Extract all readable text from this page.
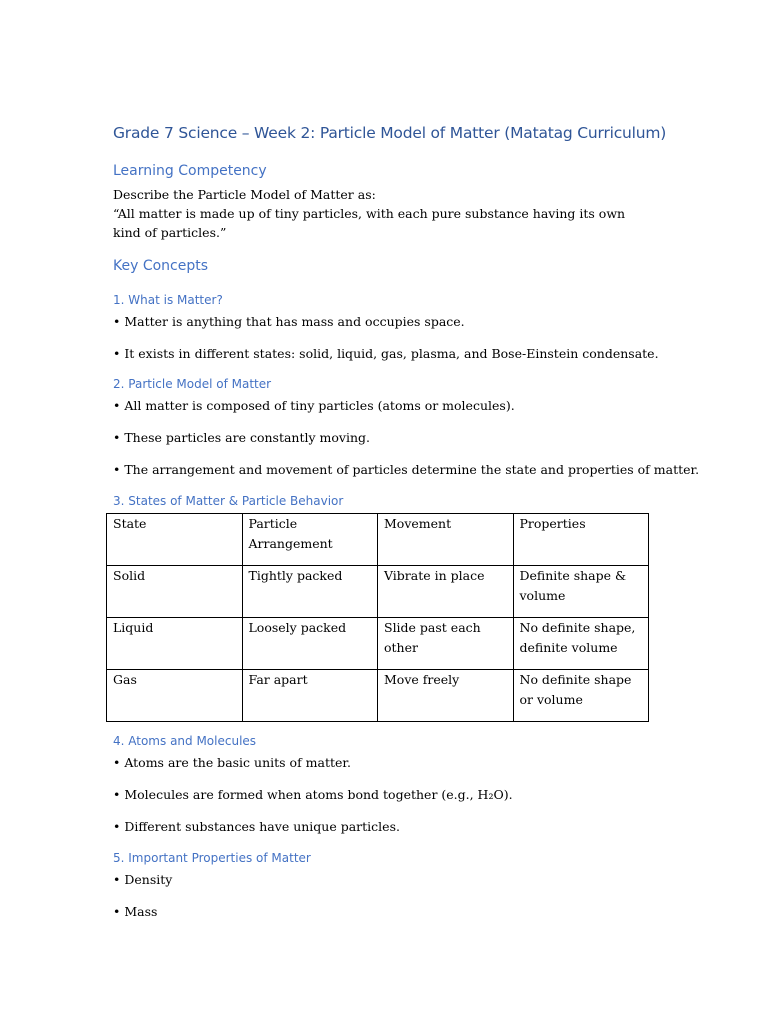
Grade 7 Science – Week 2: Particle Model of Matter (Matatag Curriculum)
Learning Competency
Describe the Particle Model of Matter as:
“All matter is made up of tiny particles, with each pure substance having its own kind of particles.”
Key Concepts
1. What is Matter?
• Matter is anything that has mass and occupies space.
• It exists in different states: solid, liquid, gas, plasma, and Bose-Einstein condensate.
2. Particle Model of Matter
• All matter is composed of tiny particles (atoms or molecules).
• These particles are constantly moving.
• The arrangement and movement of particles determine the state and properties of matter.
3. States of Matter & Particle Behavior
State	Particle Arrangement	Movement	Properties
Solid	Tightly packed	Vibrate in place	Definite shape & volume
Liquid	Loosely packed	Slide past each other	No definite shape, definite volume
Gas	Far apart	Move freely	No definite shape or volume
4. Atoms and Molecules
• Atoms are the basic units of matter.
• Molecules are formed when atoms bond together (e.g., H₂O).
• Different substances have unique particles.
5. Important Properties of Matter
• Density
• Mass
